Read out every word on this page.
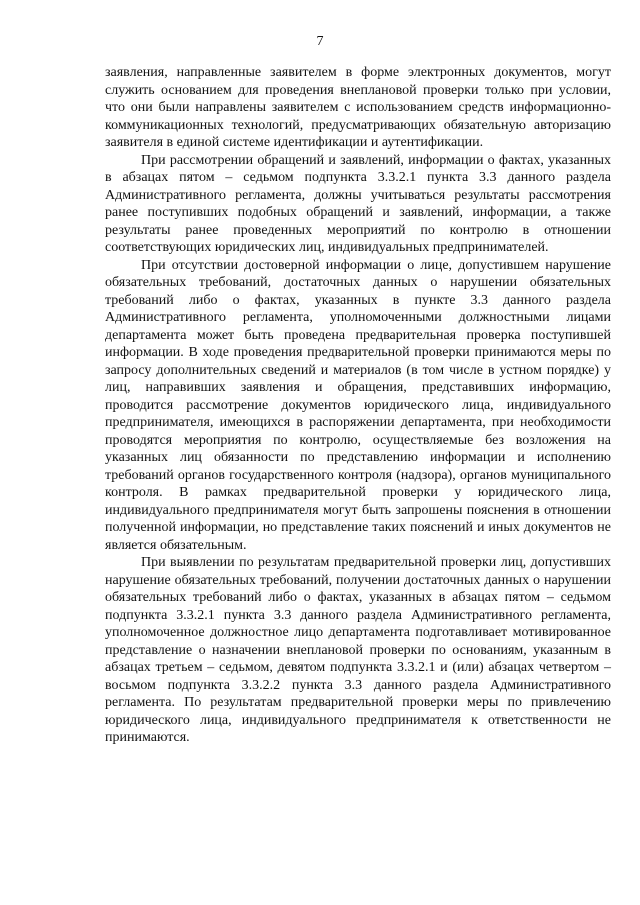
7

заявления, направленные заявителем в форме электронных документов, могут служить основанием для проведения внеплановой проверки только при условии, что они были направлены заявителем с использованием средств информационно-коммуникационных технологий, предусматривающих обязательную авторизацию заявителя в единой системе идентификации и аутентификации.

При рассмотрении обращений и заявлений, информации о фактах, указанных в абзацах пятом – седьмом подпункта 3.3.2.1 пункта 3.3 данного раздела Административного регламента, должны учитываться результаты рассмотрения ранее поступивших подобных обращений и заявлений, информации, а также результаты ранее проведенных мероприятий по контролю в отношении соответствующих юридических лиц, индивидуальных предпринимателей.

При отсутствии достоверной информации о лице, допустившем нарушение обязательных требований, достаточных данных о нарушении обязательных требований либо о фактах, указанных в пункте 3.3 данного раздела Административного регламента, уполномоченными должностными лицами департамента может быть проведена предварительная проверка поступившей информации. В ходе проведения предварительной проверки принимаются меры по запросу дополнительных сведений и материалов (в том числе в устном порядке) у лиц, направивших заявления и обращения, представивших информацию, проводится рассмотрение документов юридического лица, индивидуального предпринимателя, имеющихся в распоряжении департамента, при необходимости проводятся мероприятия по контролю, осуществляемые без возложения на указанных лиц обязанности по представлению информации и исполнению требований органов государственного контроля (надзора), органов муниципального контроля. В рамках предварительной проверки у юридического лица, индивидуального предпринимателя могут быть запрошены пояснения в отношении полученной информации, но представление таких пояснений и иных документов не является обязательным.

При выявлении по результатам предварительной проверки лиц, допустивших нарушение обязательных требований, получении достаточных данных о нарушении обязательных требований либо о фактах, указанных в абзацах пятом – седьмом подпункта 3.3.2.1 пункта 3.3 данного раздела Административного регламента, уполномоченное должностное лицо департамента подготавливает мотивированное представление о назначении внеплановой проверки по основаниям, указанным в абзацах третьем – седьмом, девятом подпункта 3.3.2.1 и (или) абзацах четвертом – восьмом подпункта 3.3.2.2 пункта 3.3 данного раздела Административного регламента. По результатам предварительной проверки меры по привлечению юридического лица, индивидуального предпринимателя к ответственности не принимаются.
